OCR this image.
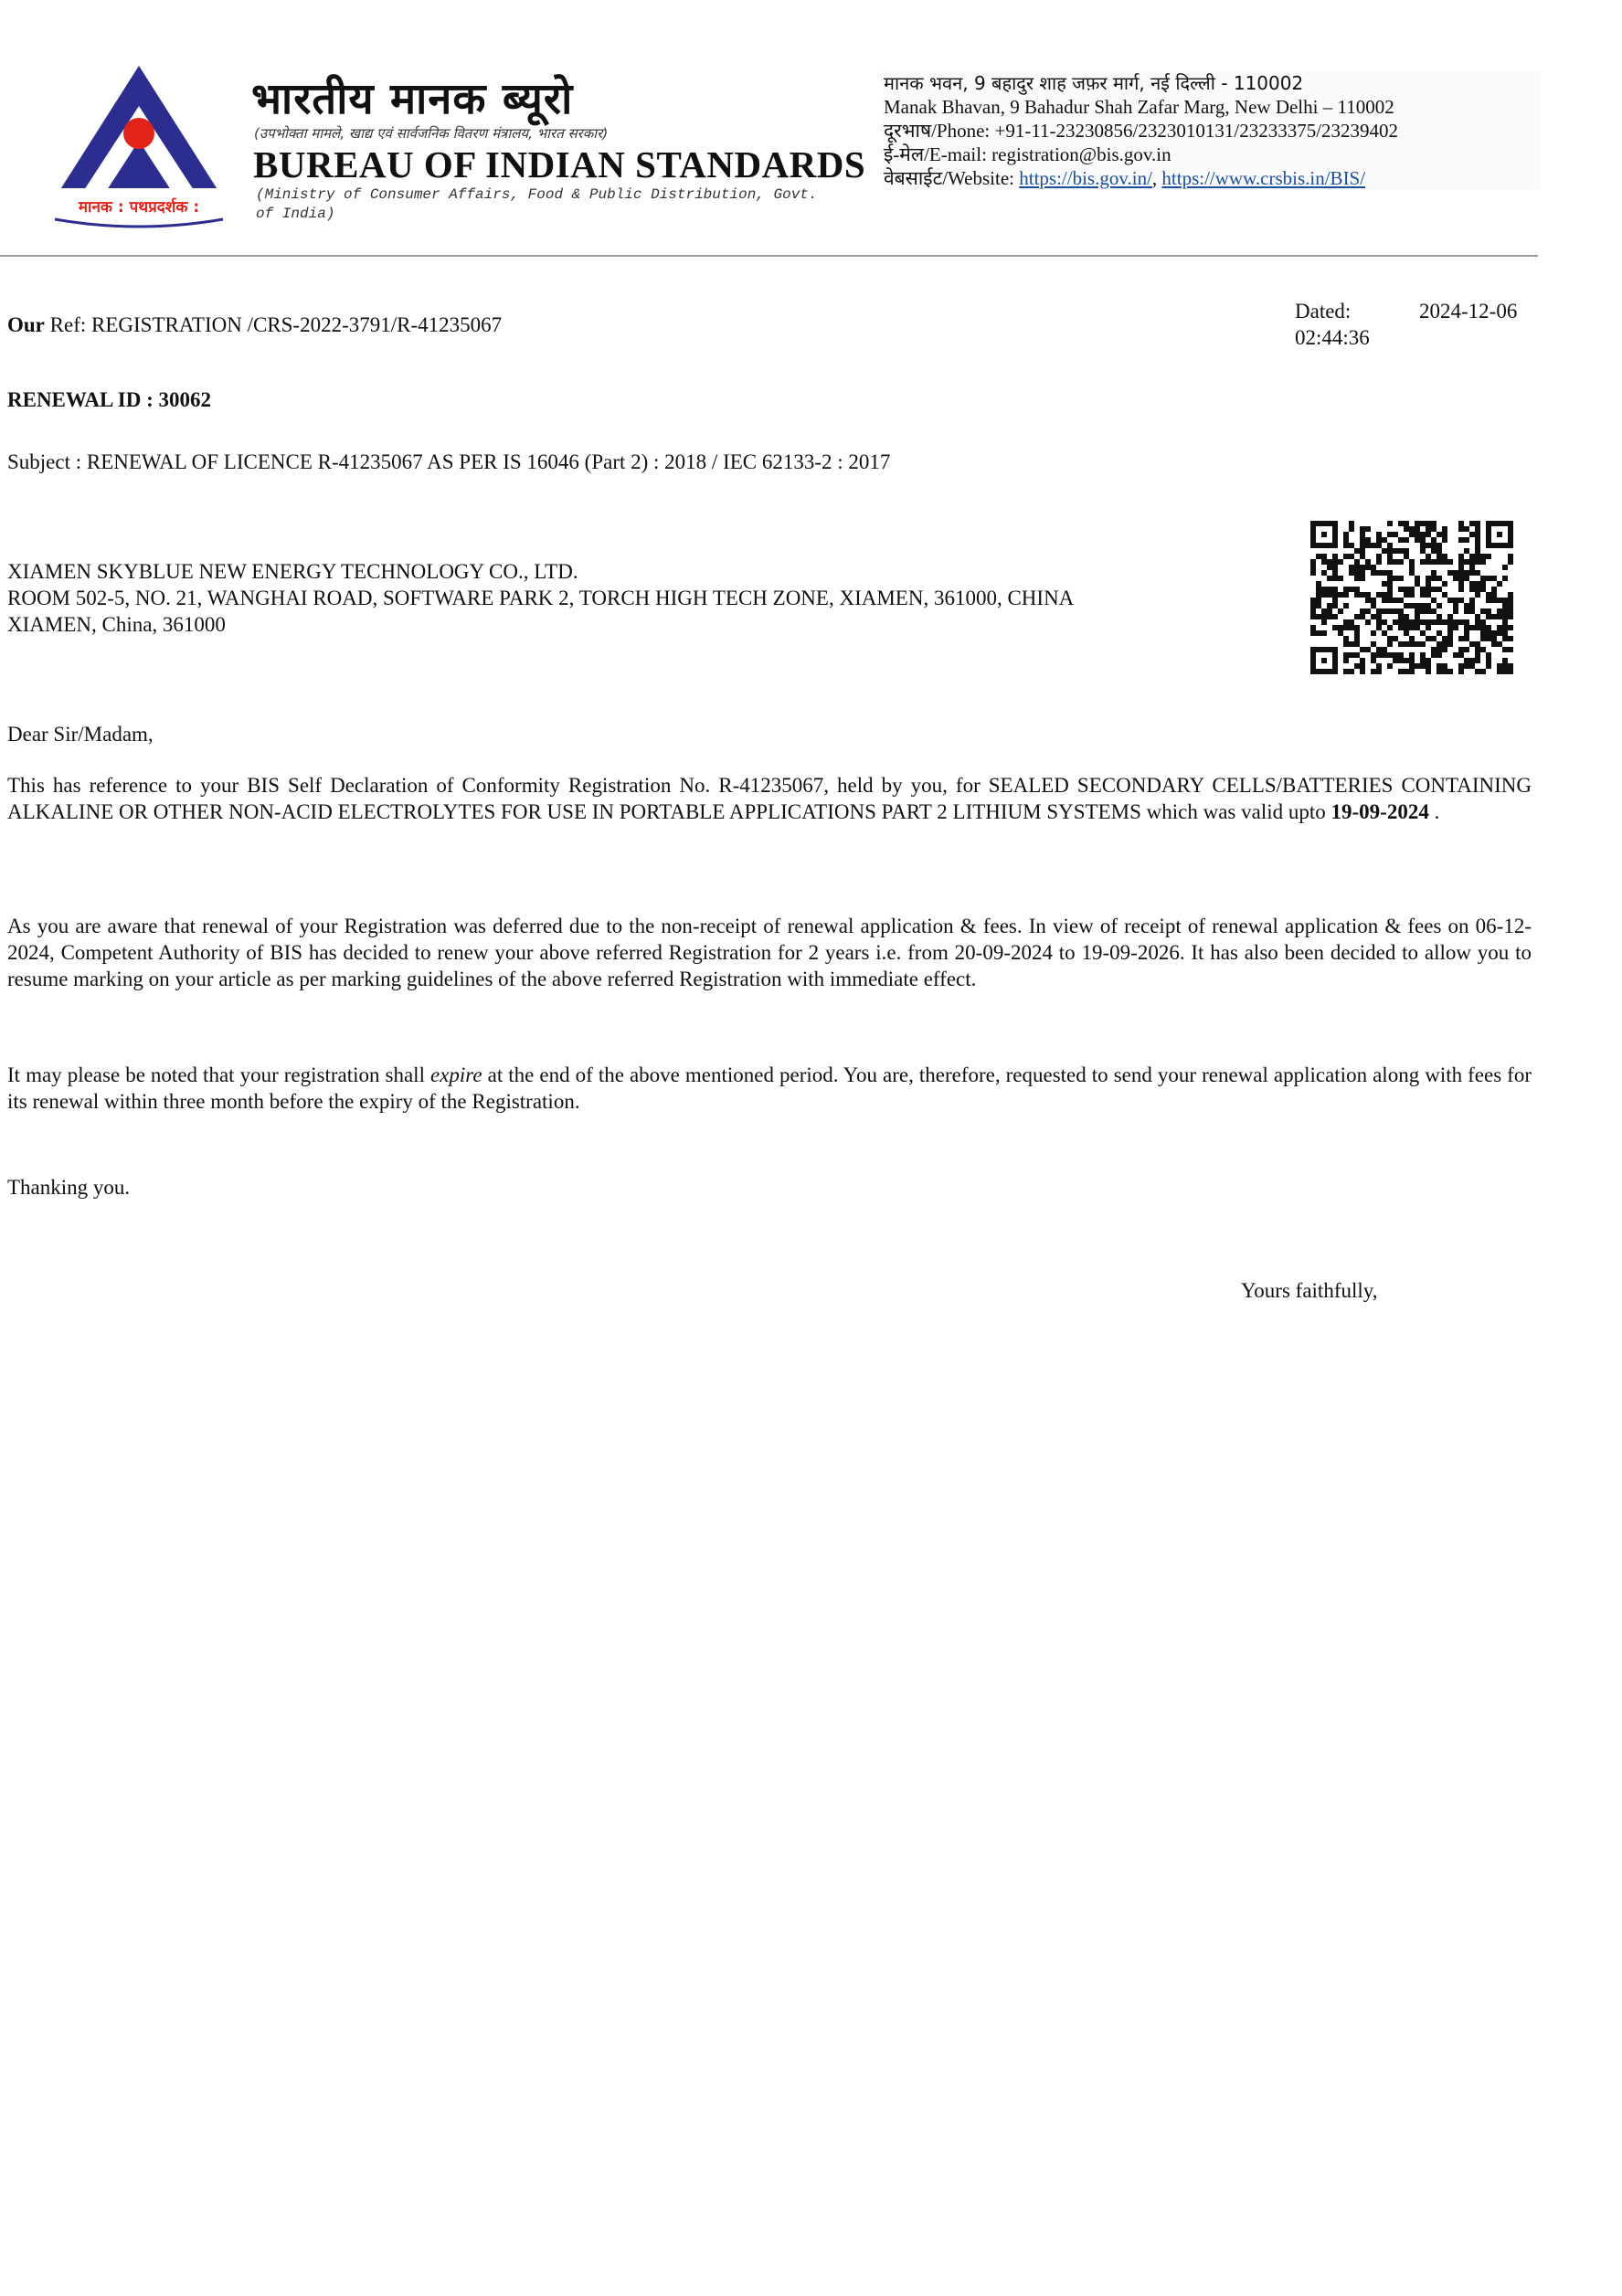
मानक : पथप्रदर्शक :
भारतीय मानक ब्यूरो
(उपभोक्ता मामले, खाद्य एवं सार्वजनिक वितरण मंत्रालय, भारत सरकार)
BUREAU OF INDIAN STANDARDS
(Ministry of Consumer Affairs, Food & Public Distribution, Govt. of India)
मानक भवन, 9 बहादुर शाह जफ़र मार्ग, नई दिल्ली - 110002
Manak Bhavan, 9 Bahadur Shah Zafar Marg, New Delhi – 110002
दूरभाष/Phone: +91-11-23230856/2323010131/23233375/23239402
ई-मेल/E-mail: registration@bis.gov.in
वेबसाईट/Website: https://bis.gov.in/, https://www.crsbis.in/BIS/
Our Ref: REGISTRATION /CRS-2022-3791/R-41235067
Dated:	2024-12-06
02:44:36
RENEWAL ID : 30062
Subject : RENEWAL OF LICENCE R-41235067 AS PER IS 16046 (Part 2) : 2018 / IEC 62133-2 : 2017
XIAMEN SKYBLUE NEW ENERGY TECHNOLOGY CO., LTD.
ROOM 502-5, NO. 21, WANGHAI ROAD, SOFTWARE PARK 2, TORCH HIGH TECH ZONE, XIAMEN, 361000, CHINA
XIAMEN, China, 361000
Dear Sir/Madam,
This has reference to your BIS Self Declaration of Conformity Registration No. R-41235067, held by you, for SEALED SECONDARY CELLS/BATTERIES CONTAINING ALKALINE OR OTHER NON-ACID ELECTROLYTES FOR USE IN PORTABLE APPLICATIONS PART 2 LITHIUM SYSTEMS which was valid upto 19-09-2024 .
As you are aware that renewal of your Registration was deferred due to the non-receipt of renewal application & fees. In view of receipt of renewal application & fees on 06-12-2024, Competent Authority of BIS has decided to renew your above referred Registration for 2 years i.e. from 20-09-2024 to 19-09-2026. It has also been decided to allow you to resume marking on your article as per marking guidelines of the above referred Registration with immediate effect.
It may please be noted that your registration shall expire at the end of the above mentioned period. You are, therefore, requested to send your renewal application along with fees for its renewal within three month before the expiry of the Registration.
Thanking you.
Yours faithfully,
